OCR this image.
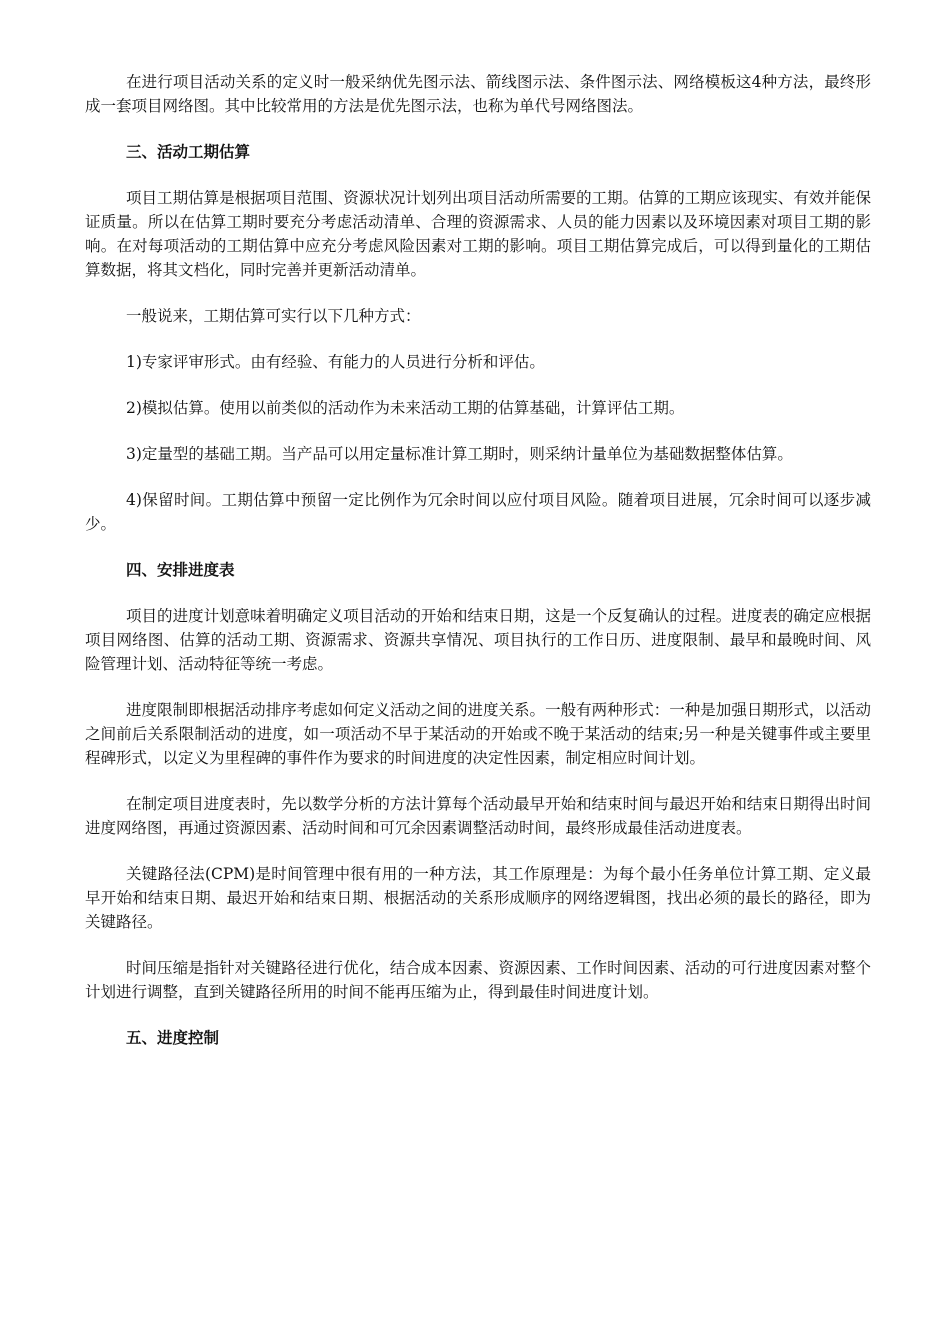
在进行项目活动关系的定义时一般采纳优先图示法、箭线图示法、条件图示法、网络模板这4种方法，最终形成一套项目网络图。其中比较常用的方法是优先图示法，也称为单代号网络图法。

三、活动工期估算

项目工期估算是根据项目范围、资源状况计划列出项目活动所需要的工期。估算的工期应该现实、有效并能保证质量。所以在估算工期时要充分考虑活动清单、合理的资源需求、人员的能力因素以及环境因素对项目工期的影响。在对每项活动的工期估算中应充分考虑风险因素对工期的影响。项目工期估算完成后，可以得到量化的工期估算数据，将其文档化，同时完善并更新活动清单。

一般说来，工期估算可实行以下几种方式：

1)专家评审形式。由有经验、有能力的人员进行分析和评估。

2)模拟估算。使用以前类似的活动作为未来活动工期的估算基础，计算评估工期。

3)定量型的基础工期。当产品可以用定量标准计算工期时，则采纳计量单位为基础数据整体估算。

4)保留时间。工期估算中预留一定比例作为冗余时间以应付项目风险。随着项目进展，冗余时间可以逐步减少。

四、安排进度表

项目的进度计划意味着明确定义项目活动的开始和结束日期，这是一个反复确认的过程。进度表的确定应根据项目网络图、估算的活动工期、资源需求、资源共享情况、项目执行的工作日历、进度限制、最早和最晚时间、风险管理计划、活动特征等统一考虑。

进度限制即根据活动排序考虑如何定义活动之间的进度关系。一般有两种形式：一种是加强日期形式，以活动之间前后关系限制活动的进度，如一项活动不早于某活动的开始或不晚于某活动的结束;另一种是关键事件或主要里程碑形式，以定义为里程碑的事件作为要求的时间进度的决定性因素，制定相应时间计划。

在制定项目进度表时，先以数学分析的方法计算每个活动最早开始和结束时间与最迟开始和结束日期得出时间进度网络图，再通过资源因素、活动时间和可冗余因素调整活动时间，最终形成最佳活动进度表。

关键路径法(CPM)是时间管理中很有用的一种方法，其工作原理是：为每个最小任务单位计算工期、定义最早开始和结束日期、最迟开始和结束日期、根据活动的关系形成顺序的网络逻辑图，找出必须的最长的路径，即为关键路径。

时间压缩是指针对关键路径进行优化，结合成本因素、资源因素、工作时间因素、活动的可行进度因素对整个计划进行调整，直到关键路径所用的时间不能再压缩为止，得到最佳时间进度计划。

五、进度控制
